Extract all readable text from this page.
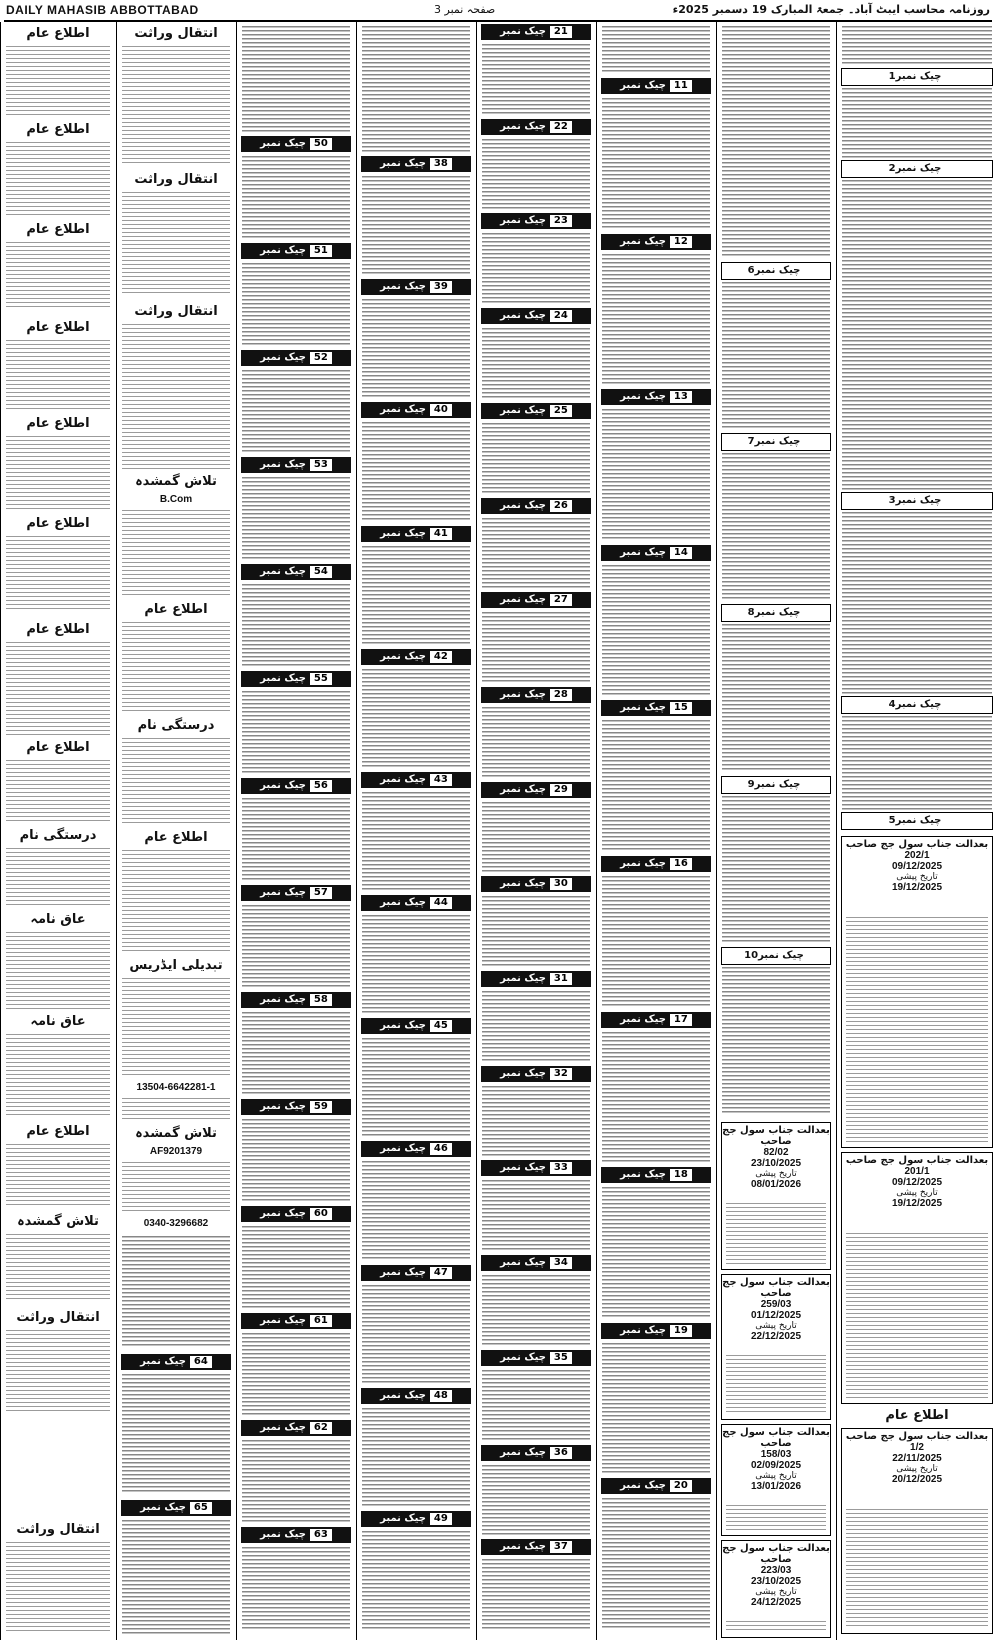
DAILY MAHASIB ABBOTTABAD	صفحہ نمبر 3	روزنامہ محاسب ایبٹ آباد۔ جمعۃ المبارک 19 دسمبر 2025ء
اطلاع عام
اطلاع عام
اطلاع عام
اطلاع عام
اطلاع عام
اطلاع عام
اطلاع عام
اطلاع عام
درستگی نام
عاق نامہ
عاق نامہ
اطلاع عام
تلاش گمشدہ
انتقال وراثت
انتقال وراثت
انتقال وراثت
انتقال وراثت
انتقال وراثت
تلاش گمشدہ
B.Com
اطلاع عام
درستگی نام
اطلاع عام
تبدیلی ایڈریس
13504-6642281-1
تلاش گمشدہ
AF9201379
0340-3296682
64چیک نمبر
65چیک نمبر
50چیک نمبر
51چیک نمبر
52چیک نمبر
53چیک نمبر
54چیک نمبر
55چیک نمبر
56چیک نمبر
57چیک نمبر
58چیک نمبر
59چیک نمبر
60چیک نمبر
61چیک نمبر
62چیک نمبر
63چیک نمبر
38چیک نمبر
39چیک نمبر
40چیک نمبر
41چیک نمبر
42چیک نمبر
43چیک نمبر
44چیک نمبر
45چیک نمبر
46چیک نمبر
47چیک نمبر
48چیک نمبر
49چیک نمبر
21چیک نمبر
22چیک نمبر
23چیک نمبر
24چیک نمبر
25چیک نمبر
26چیک نمبر
27چیک نمبر
28چیک نمبر
29چیک نمبر
30چیک نمبر
31چیک نمبر
32چیک نمبر
33چیک نمبر
34چیک نمبر
35چیک نمبر
36چیک نمبر
37چیک نمبر
11چیک نمبر
12چیک نمبر
13چیک نمبر
14چیک نمبر
15چیک نمبر
16چیک نمبر
17چیک نمبر
18چیک نمبر
19چیک نمبر
20چیک نمبر
چیک نمبر6
چیک نمبر7
چیک نمبر8
چیک نمبر9
چیک نمبر10
بعدالت جناب سول جج صاحب
82/02
23/10/2025
تاریخ پیشی
08/01/2026
بعدالت جناب سول جج صاحب
259/03
01/12/2025
تاریخ پیشی
22/12/2025
بعدالت جناب سول جج صاحب
158/03
02/09/2025
تاریخ پیشی
13/01/2026
بعدالت جناب سول جج صاحب
223/03
23/10/2025
تاریخ پیشی
24/12/2025
چیک نمبر1
چیک نمبر2
چیک نمبر3
چیک نمبر4
چیک نمبر5
بعدالت جناب سول جج صاحب
202/1
09/12/2025
تاریخ پیشی
19/12/2025
بعدالت جناب سول جج صاحب
201/1
09/12/2025
تاریخ پیشی
19/12/2025
اطلاع عام
بعدالت جناب سول جج صاحب
1/2
22/11/2025
تاریخ پیشی
20/12/2025
